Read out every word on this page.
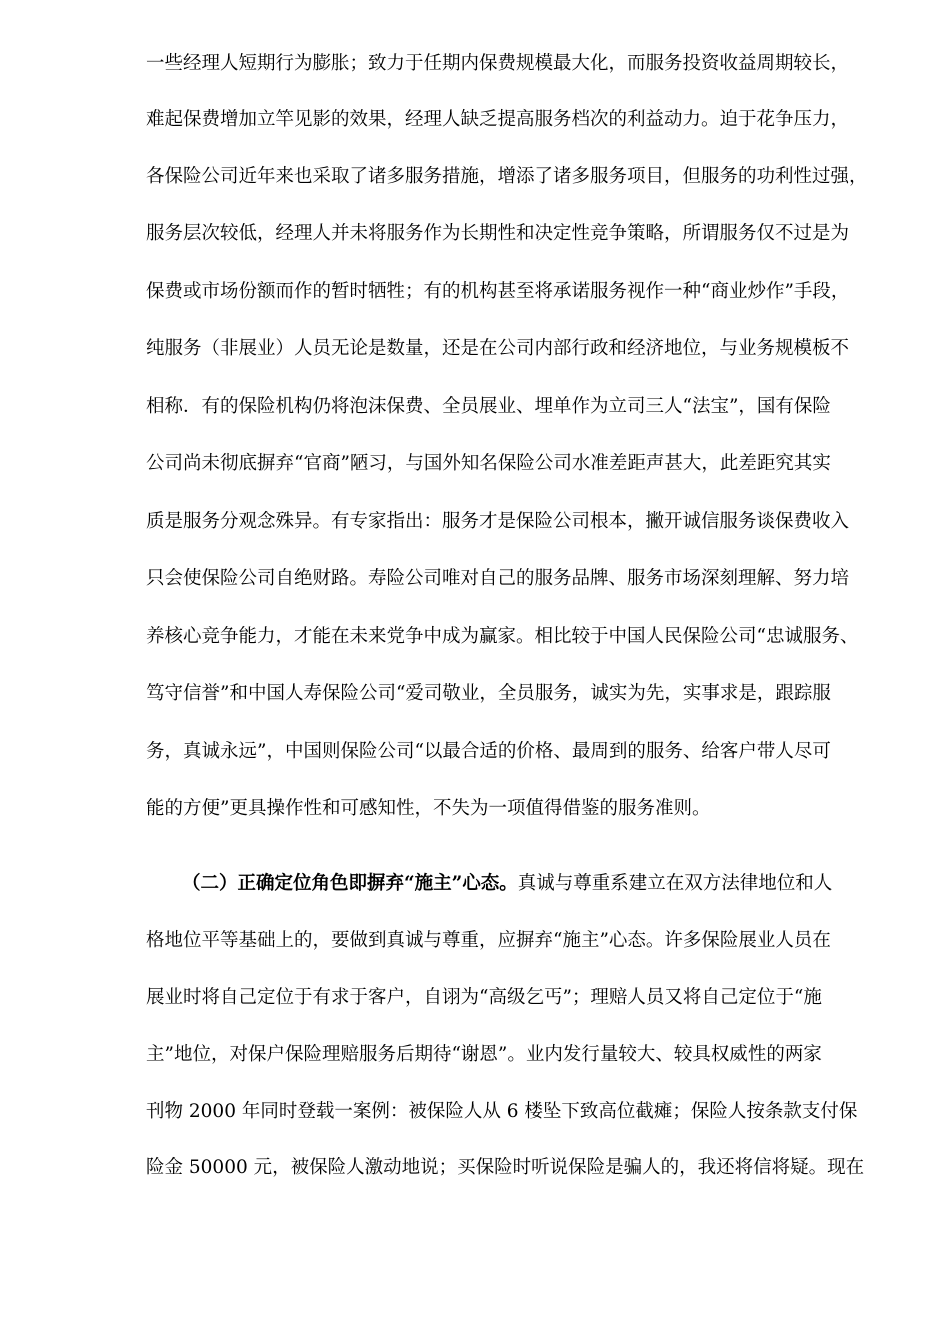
一些经理人短期行为膨胀；致力于任期内保费规模最大化，而服务投资收益周期较长，

难起保费增加立竿见影的效果，经理人缺乏提高服务档次的利益动力。迫于花争压力，

各保险公司近年来也采取了诸多服务措施，增添了诸多服务项目，但服务的功利性过强，

服务层次较低，经理人并未将服务作为长期性和决定性竞争策略，所谓服务仅不过是为

保费或市场份额而作的暂时牺牲；有的机构甚至将承诺服务视作一种“商业炒作”手段，

纯服务（非展业）人员无论是数量，还是在公司内部行政和经济地位，与业务规模板不

相称．有的保险机构仍将泡沫保费、全员展业、埋单作为立司三人“法宝”，国有保险

公司尚未彻底摒弃“官商”陋习，与国外知名保险公司水准差距声甚大，此差距究其实

质是服务分观念殊异。有专家指出：服务才是保险公司根本，撇开诚信服务谈保费收入

只会使保险公司自绝财路。寿险公司唯对自己的服务品牌、服务市场深刻理解、努力培

养核心竞争能力，才能在未来党争中成为赢家。相比较于中国人民保险公司“忠诚服务、

笃守信誉”和中国人寿保险公司“爱司敬业，全员服务，诚实为先，实事求是，跟踪服

务，真诚永远”，中国则保险公司“以最合适的价格、最周到的服务、给客户带人尽可

能的方便”更具操作性和可感知性，不失为一项值得借鉴的服务准则。

（二）正确定位角色即摒弃“施主”心态。真诚与尊重系建立在双方法律地位和人

格地位平等基础上的，要做到真诚与尊重，应摒弃“施主”心态。许多保险展业人员在

展业时将自己定位于有求于客户，自诩为“高级乞丐”；理赔人员又将自己定位于“施

主”地位，对保户保险理赔服务后期待“谢恩”。业内发行量较大、较具权威性的两家

刊物 2000 年同时登载一案例：被保险人从 6 楼坠下致高位截瘫；保险人按条款支付保

险金 50000 元，被保险人激动地说；买保险时听说保险是骗人的，我还将信将疑。现在
